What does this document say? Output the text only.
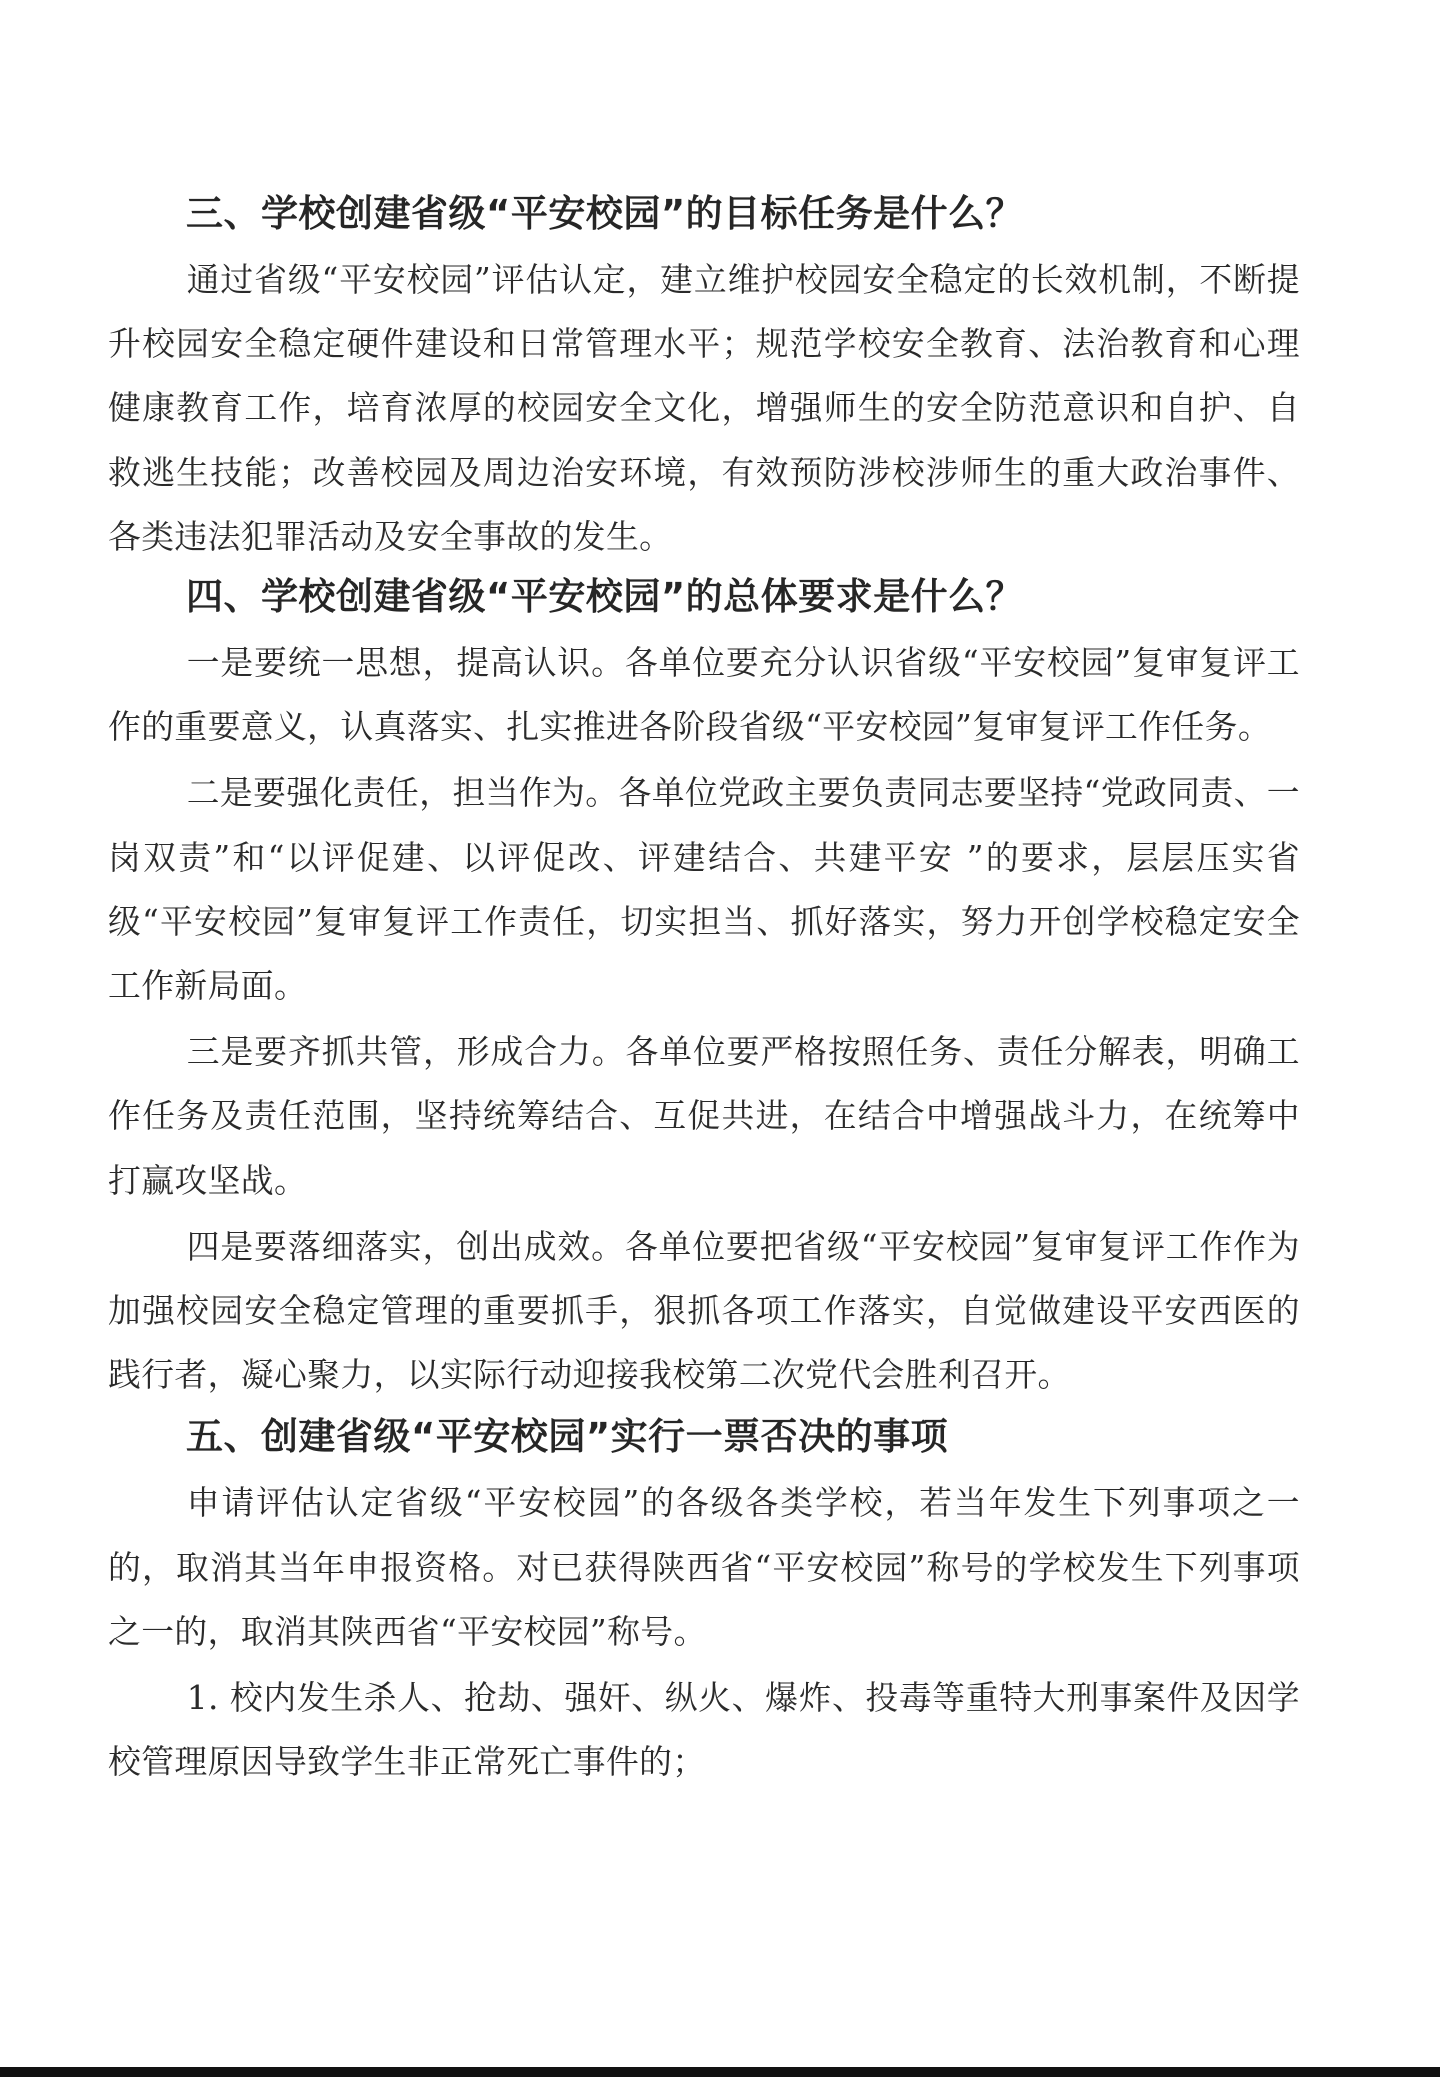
三、学校创建省级“平安校园”的目标任务是什么？

通过省级“平安校园”评估认定，建立维护校园安全稳定的长效机制，不断提升校园安全稳定硬件建设和日常管理水平；规范学校安全教育、法治教育和心理健康教育工作，培育浓厚的校园安全文化，增强师生的安全防范意识和自护、自救逃生技能；改善校园及周边治安环境，有效预防涉校涉师生的重大政治事件、各类违法犯罪活动及安全事故的发生。

四、学校创建省级“平安校园”的总体要求是什么？

一是要统一思想，提高认识。各单位要充分认识省级“平安校园”复审复评工作的重要意义，认真落实、扎实推进各阶段省级“平安校园”复审复评工作任务。

二是要强化责任，担当作为。各单位党政主要负责同志要坚持“党政同责、一岗双责”和“以评促建、以评促改、评建结合、共建平安 ”的要求，层层压实省级“平安校园”复审复评工作责任，切实担当、抓好落实，努力开创学校稳定安全工作新局面。

三是要齐抓共管，形成合力。各单位要严格按照任务、责任分解表，明确工作任务及责任范围，坚持统筹结合、互促共进，在结合中增强战斗力，在统筹中打赢攻坚战。

四是要落细落实，创出成效。各单位要把省级“平安校园”复审复评工作作为加强校园安全稳定管理的重要抓手，狠抓各项工作落实，自觉做建设平安西医的践行者，凝心聚力，以实际行动迎接我校第二次党代会胜利召开。

五、创建省级“平安校园”实行一票否决的事项

申请评估认定省级“平安校园”的各级各类学校，若当年发生下列事项之一的，取消其当年申报资格。对已获得陕西省“平安校园”称号的学校发生下列事项之一的，取消其陕西省“平安校园”称号。

1. 校内发生杀人、抢劫、强奸、纵火、爆炸、投毒等重特大刑事案件及因学校管理原因导致学生非正常死亡事件的；
